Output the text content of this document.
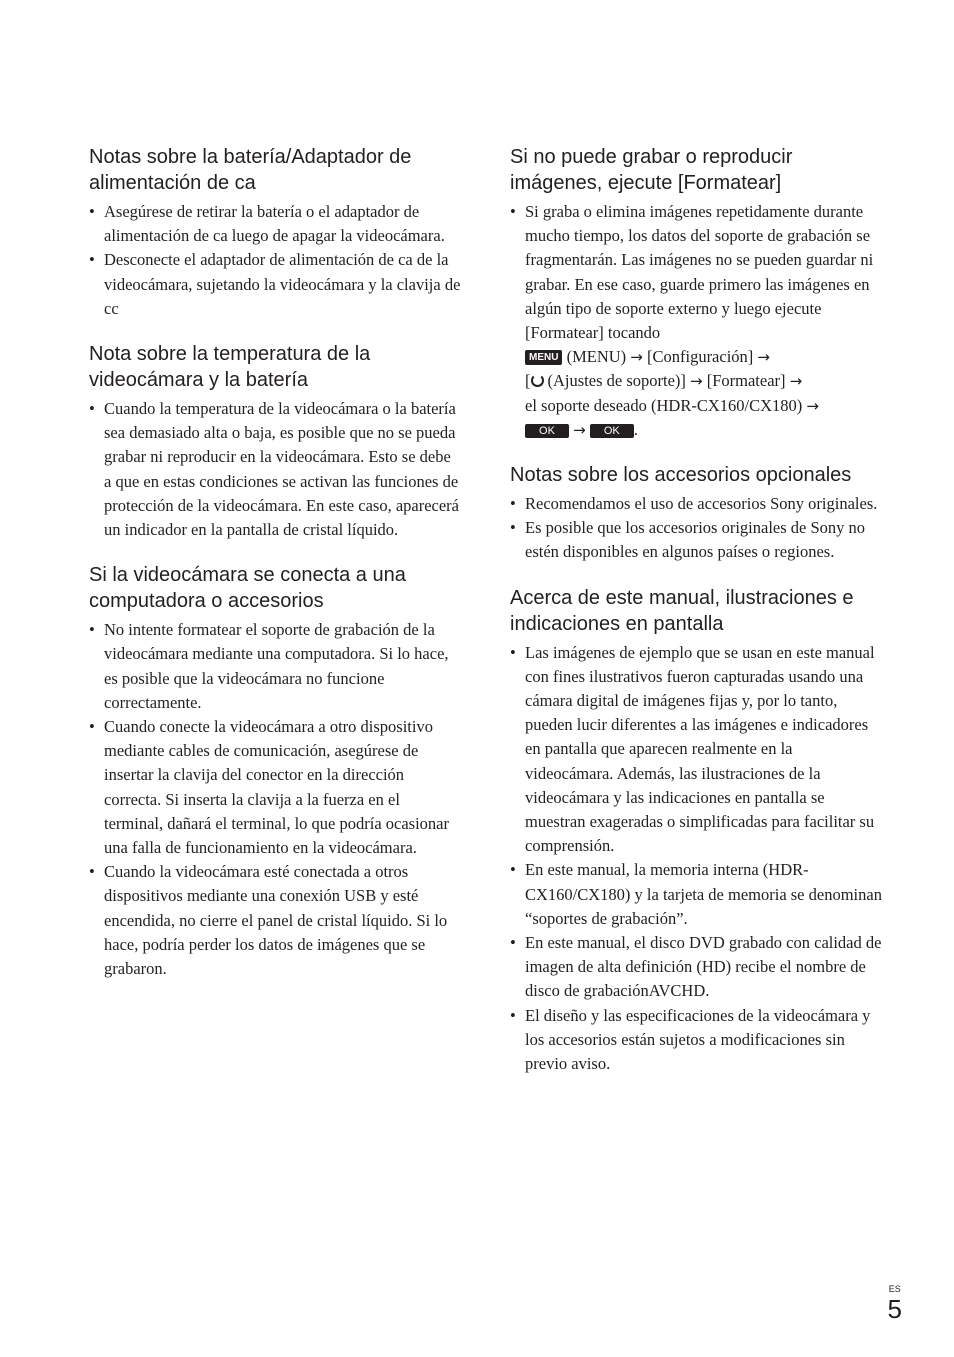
Notas sobre la batería/Adaptador de alimentación de ca
• Asegúrese de retirar la batería o el adaptador de alimentación de ca luego de apagar la videocámara.
• Desconecte el adaptador de alimentación de ca de la videocámara, sujetando la videocámara y la clavija de cc
Nota sobre la temperatura de la videocámara y la batería
• Cuando la temperatura de la videocámara o la batería sea demasiado alta o baja, es posible que no se pueda grabar ni reproducir en la videocámara. Esto se debe a que en estas condiciones se activan las funciones de protección de la videocámara. En este caso, aparecerá un indicador en la pantalla de cristal líquido.
Si la videocámara se conecta a una computadora o accesorios
• No intente formatear el soporte de grabación de la videocámara mediante una computadora. Si lo hace, es posible que la videocámara no funcione correctamente.
• Cuando conecte la videocámara a otro dispositivo mediante cables de comunicación, asegúrese de insertar la clavija del conector en la dirección correcta. Si inserta la clavija a la fuerza en el terminal, dañará el terminal, lo que podría ocasionar una falla de funcionamiento en la videocámara.
• Cuando la videocámara esté conectada a otros dispositivos mediante una conexión USB y esté encendida, no cierre el panel de cristal líquido. Si lo hace, podría perder los datos de imágenes que se grabaron.
Si no puede grabar o reproducir imágenes, ejecute [Formatear]
• Si graba o elimina imágenes repetidamente durante mucho tiempo, los datos del soporte de grabación se fragmentarán. Las imágenes no se pueden guardar ni grabar. En ese caso, guarde primero las imágenes en algún tipo de soporte externo y luego ejecute [Formatear] tocando
MENU (MENU) → [Configuración] →
[ (Ajustes de soporte)] → [Formatear] →
el soporte deseado (HDR-CX160/CX180) →
OK → OK .
Notas sobre los accesorios opcionales
• Recomendamos el uso de accesorios Sony originales.
• Es posible que los accesorios originales de Sony no estén disponibles en algunos países o regiones.
Acerca de este manual, ilustraciones e indicaciones en pantalla
• Las imágenes de ejemplo que se usan en este manual con fines ilustrativos fueron capturadas usando una cámara digital de imágenes fijas y, por lo tanto, pueden lucir diferentes a las imágenes e indicadores en pantalla que aparecen realmente en la videocámara. Además, las ilustraciones de la videocámara y las indicaciones en pantalla se muestran exageradas o simplificadas para facilitar su comprensión.
• En este manual, la memoria interna (HDR-CX160/CX180) y la tarjeta de memoria se denominan “soportes de grabación”.
• En este manual, el disco DVD grabado con calidad de imagen de alta definición (HD) recibe el nombre de disco de grabaciónAVCHD.
• El diseño y las especificaciones de la videocámara y los accesorios están sujetos a modificaciones sin previo aviso.
ES
5
